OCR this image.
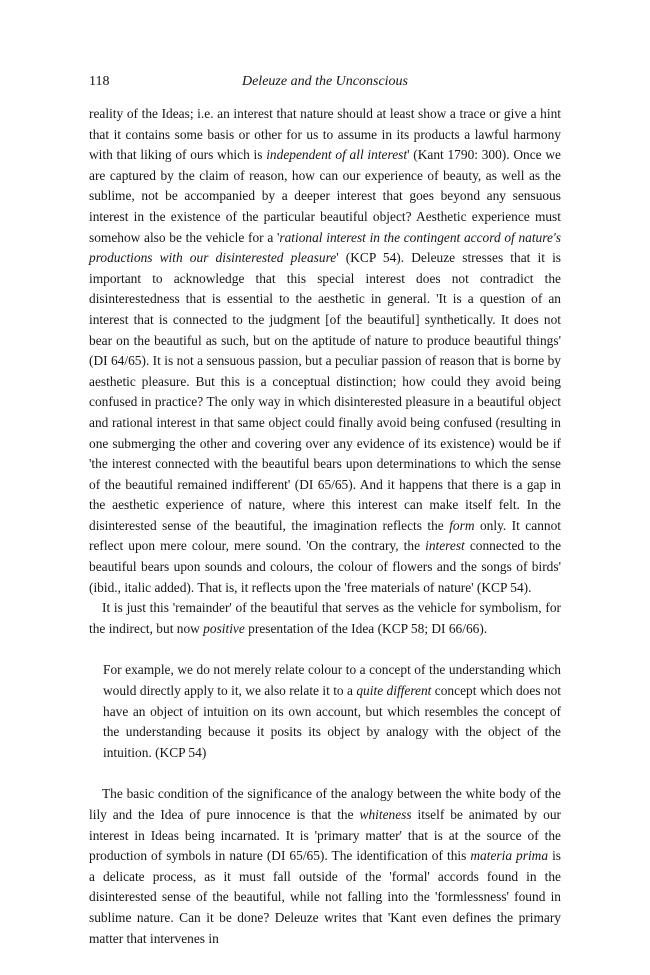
118	Deleuze and the Unconscious

reality of the Ideas; i.e. an interest that nature should at least show a trace or give a hint that it contains some basis or other for us to assume in its products a lawful harmony with that liking of ours which is independent of all interest' (Kant 1790: 300). Once we are captured by the claim of reason, how can our experience of beauty, as well as the sublime, not be accompanied by a deeper interest that goes beyond any sensuous interest in the existence of the particular beautiful object? Aesthetic experience must somehow also be the vehicle for a 'rational interest in the contingent accord of nature's productions with our disinterested pleasure' (KCP 54). Deleuze stresses that it is important to acknowledge that this special interest does not contradict the disinterestedness that is essential to the aesthetic in general. 'It is a question of an interest that is connected to the judgment [of the beautiful] synthetically. It does not bear on the beautiful as such, but on the aptitude of nature to produce beautiful things' (DI 64/65). It is not a sensuous passion, but a peculiar passion of reason that is borne by aesthetic pleasure. But this is a conceptual distinction; how could they avoid being confused in practice? The only way in which disinterested pleasure in a beautiful object and rational interest in that same object could finally avoid being confused (resulting in one submerging the other and covering over any evidence of its existence) would be if 'the interest connected with the beautiful bears upon determinations to which the sense of the beautiful remained indifferent' (DI 65/65). And it happens that there is a gap in the aesthetic experience of nature, where this interest can make itself felt. In the disinterested sense of the beautiful, the imagination reflects the form only. It cannot reflect upon mere colour, mere sound. 'On the contrary, the interest connected to the beautiful bears upon sounds and colours, the colour of flowers and the songs of birds' (ibid., italic added). That is, it reflects upon the 'free materials of nature' (KCP 54).

It is just this 'remainder' of the beautiful that serves as the vehicle for symbolism, for the indirect, but now positive presentation of the Idea (KCP 58; DI 66/66).

For example, we do not merely relate colour to a concept of the understanding which would directly apply to it, we also relate it to a quite different concept which does not have an object of intuition on its own account, but which resembles the concept of the understanding because it posits its object by analogy with the object of the intuition. (KCP 54)

The basic condition of the significance of the analogy between the white body of the lily and the Idea of pure innocence is that the whiteness itself be animated by our interest in Ideas being incarnated. It is 'primary matter' that is at the source of the production of symbols in nature (DI 65/65). The identification of this materia prima is a delicate process, as it must fall outside of the 'formal' accords found in the disinterested sense of the beautiful, while not falling into the 'formlessness' found in sublime nature. Can it be done? Deleuze writes that 'Kant even defines the primary matter that intervenes in
